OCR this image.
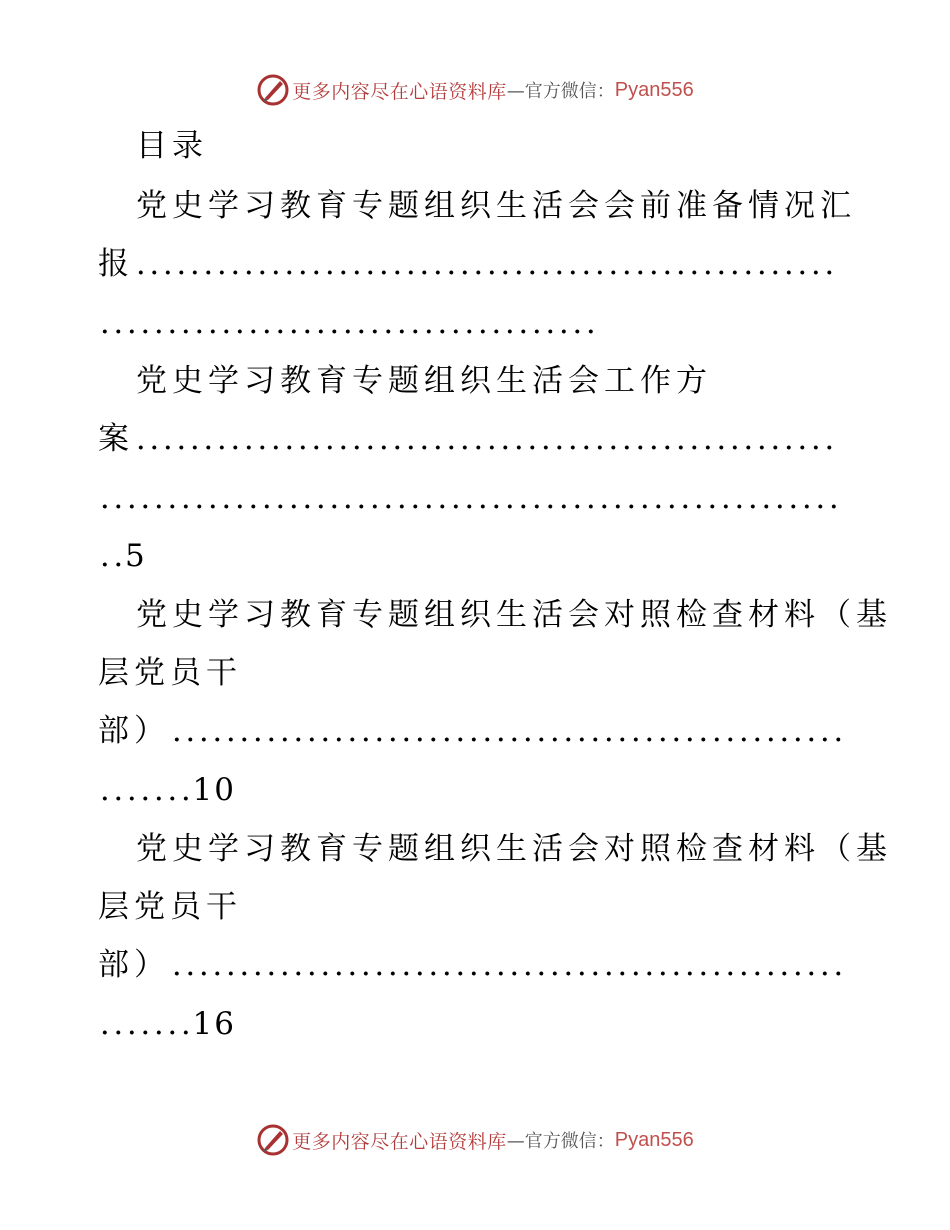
更多内容尽在心语资料库 —官方微信： Pyan556
目录
党史学习教育专题组织生活会会前准备情况汇
报. . . . . . . . . . . . . . . . . . . . . . . . . . . . . . . . . . . . . . . . . . . . . . . . . . . .
. . . . . . . . . . . . . . . . . . . . . . . . . . . . . . . . . . . . .
党史学习教育专题组织生活会工作方
案. . . . . . . . . . . . . . . . . . . . . . . . . . . . . . . . . . . . . . . . . . . . . . . . . . . .
. . . . . . . . . . . . . . . . . . . . . . . . . . . . . . . . . . . . . . . . . . . . . . . . . . . . . . .
. .5
党史学习教育专题组织生活会对照检查材料（基
层党员干
部）. . . . . . . . . . . . . . . . . . . . . . . . . . . . . . . . . . . . . . . . . . . . . . . . . .
. . . . . . .10
党史学习教育专题组织生活会对照检查材料（基
层党员干
部）. . . . . . . . . . . . . . . . . . . . . . . . . . . . . . . . . . . . . . . . . . . . . . . . . .
. . . . . . .16
更多内容尽在心语资料库 —官方微信： Pyan556
